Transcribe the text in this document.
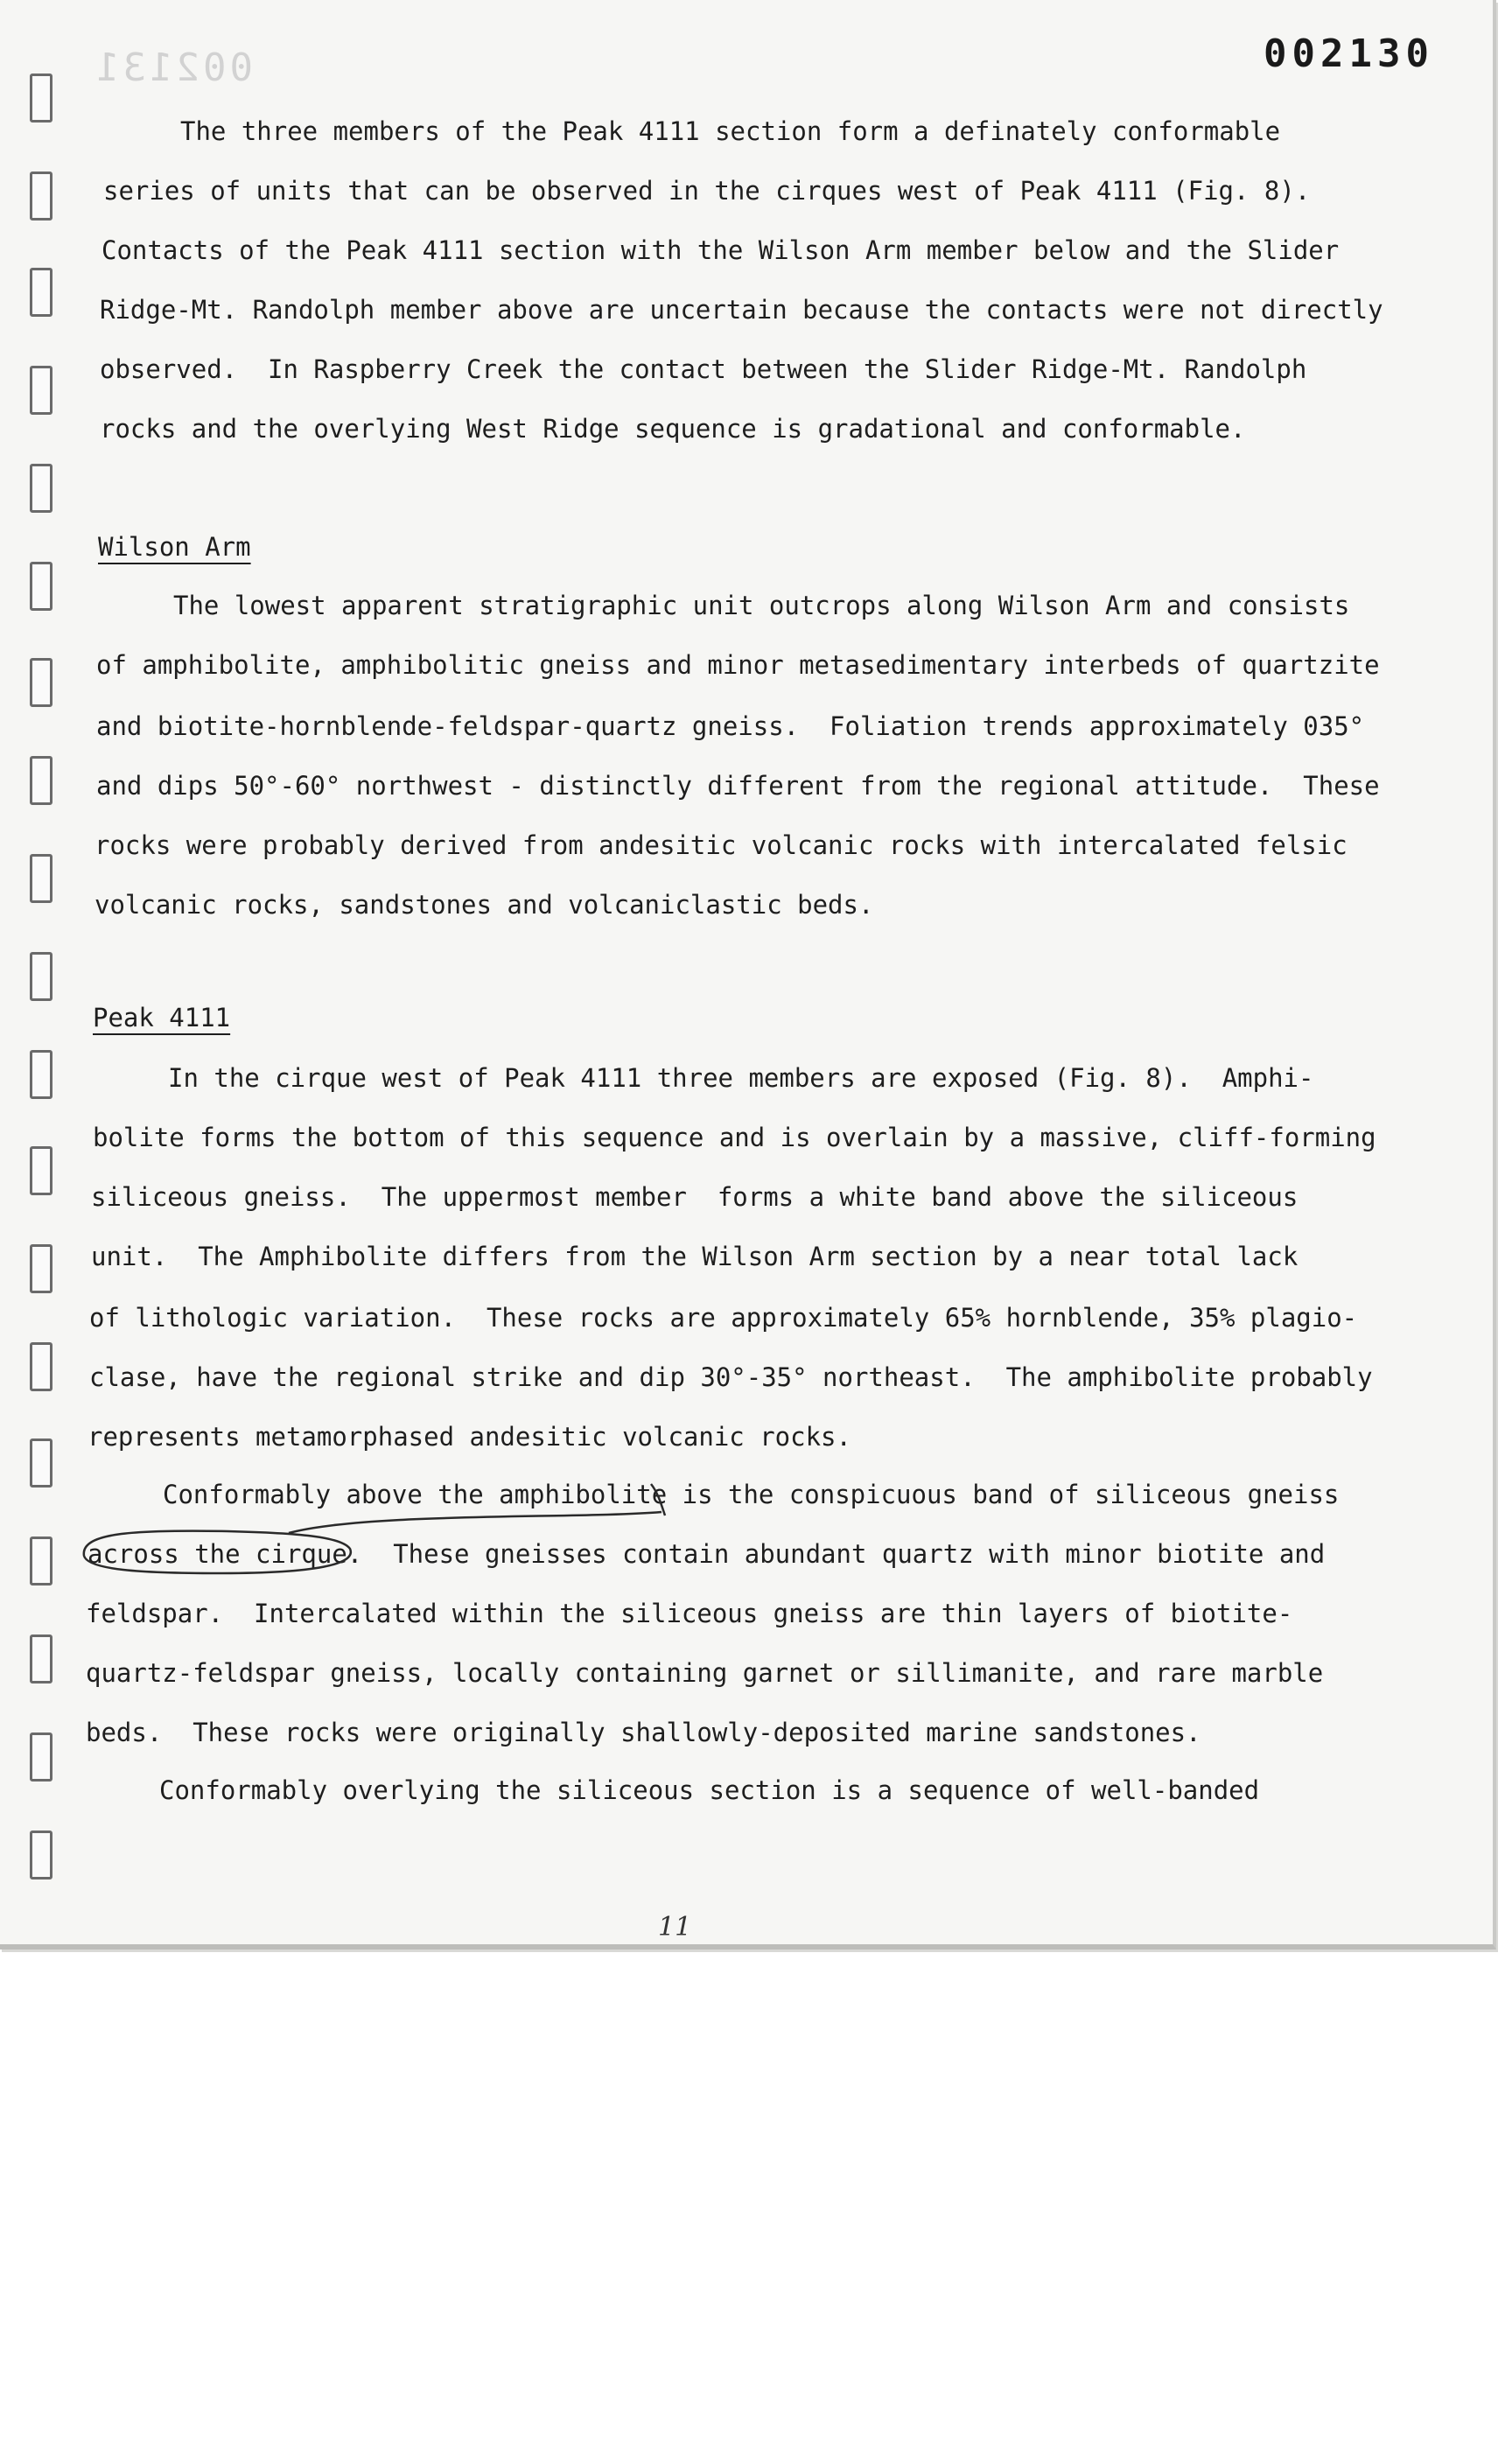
002131	002130
The three members of the Peak 4111 section form a definately conformable
series of units that can be observed in the cirques west of Peak 4111 (Fig. 8).
Contacts of the Peak 4111 section with the Wilson Arm member below and the Slider
Ridge-Mt. Randolph member above are uncertain because the contacts were not directly
observed.  In Raspberry Creek the contact between the Slider Ridge-Mt. Randolph
rocks and the overlying West Ridge sequence is gradational and conformable.
Wilson Arm
The lowest apparent stratigraphic unit outcrops along Wilson Arm and consists
of amphibolite, amphibolitic gneiss and minor metasedimentary interbeds of quartzite
and biotite-hornblende-feldspar-quartz gneiss.  Foliation trends approximately 035°
and dips 50°-60° northwest - distinctly different from the regional attitude.  These
rocks were probably derived from andesitic volcanic rocks with intercalated felsic
volcanic rocks, sandstones and volcaniclastic beds.
Peak 4111
In the cirque west of Peak 4111 three members are exposed (Fig. 8).  Amphi-
bolite forms the bottom of this sequence and is overlain by a massive, cliff-forming
siliceous gneiss.  The uppermost member  forms a white band above the siliceous
unit.  The Amphibolite differs from the Wilson Arm section by a near total lack
of lithologic variation.  These rocks are approximately 65% hornblende, 35% plagio-
clase, have the regional strike and dip 30°-35° northeast.  The amphibolite probably
represents metamorphased andesitic volcanic rocks.
Conformably above the amphibolite is the conspicuous band of siliceous gneiss
across the cirque.  These gneisses contain abundant quartz with minor biotite and
feldspar.  Intercalated within the siliceous gneiss are thin layers of biotite-
quartz-feldspar gneiss, locally containing garnet or sillimanite, and rare marble
beds.  These rocks were originally shallowly-deposited marine sandstones.
Conformably overlying the siliceous section is a sequence of well-banded
11
